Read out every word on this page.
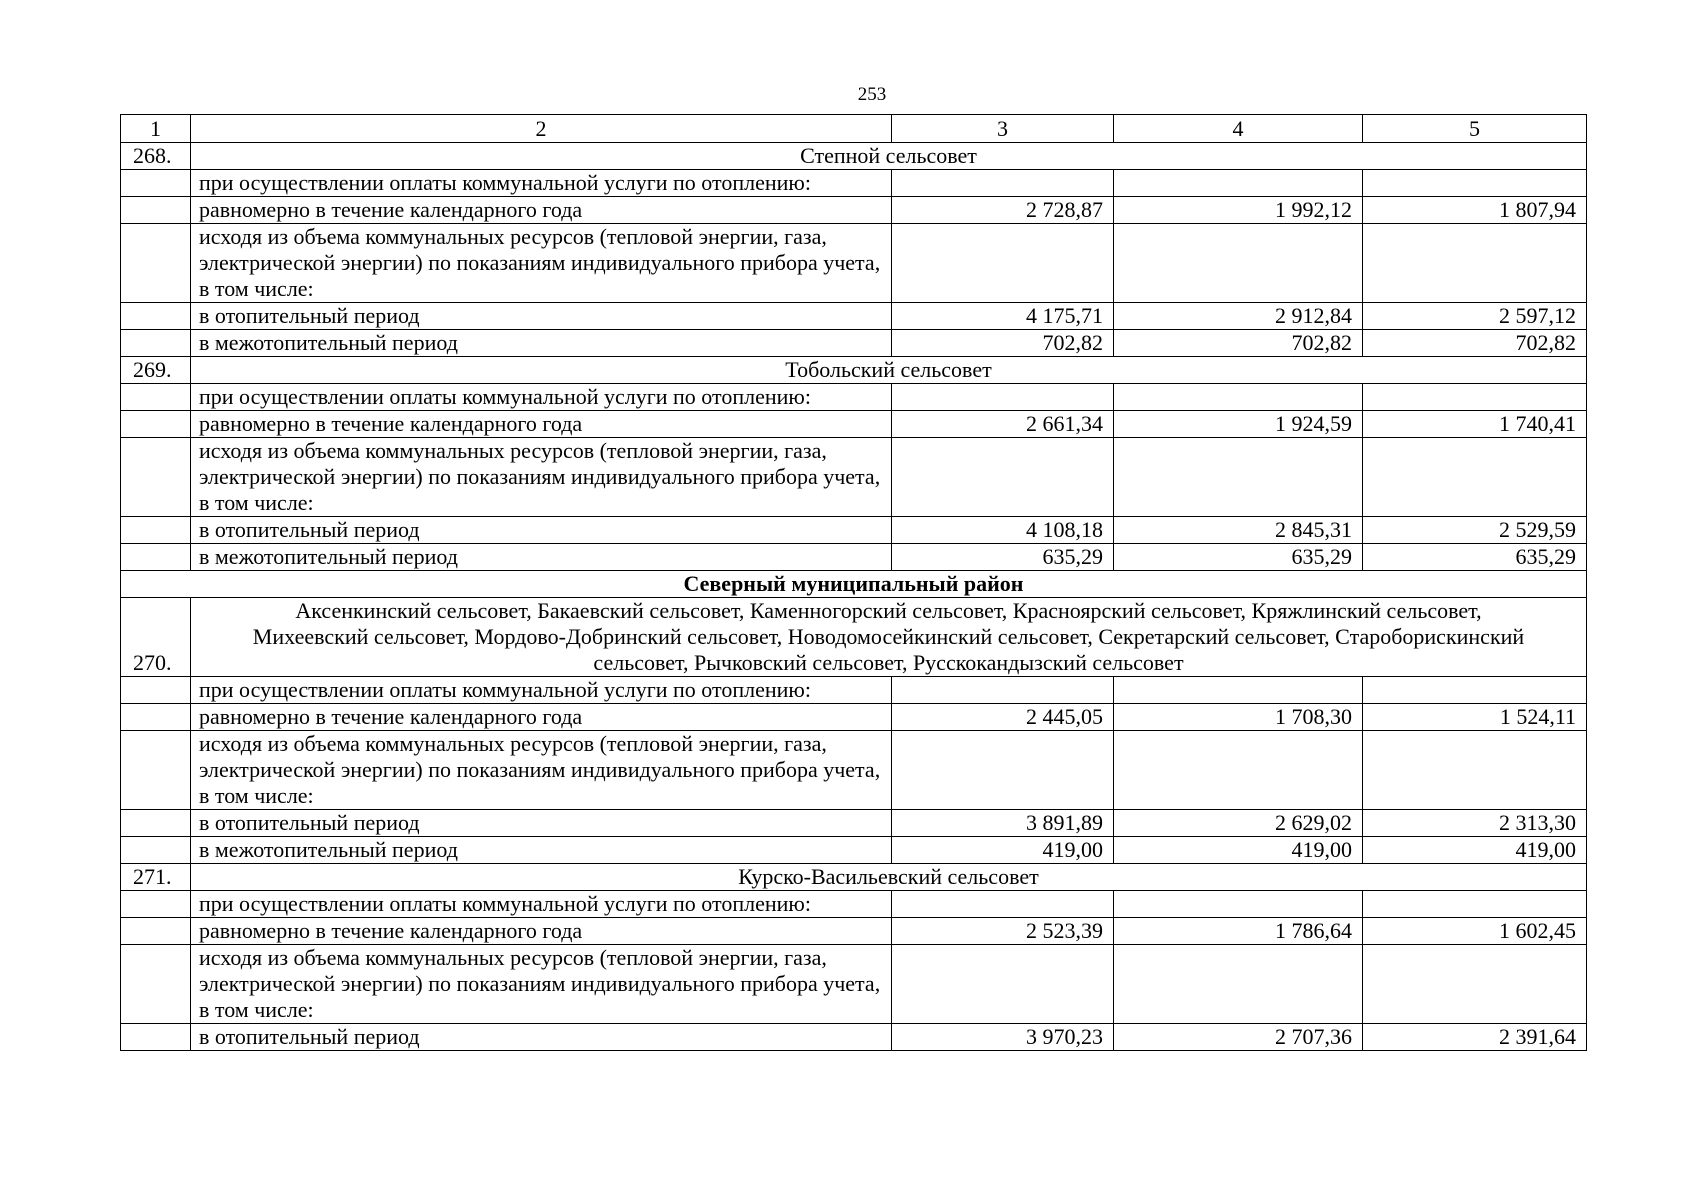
253
1	2	3	4	5
268.	Степной сельсовет			
	при осуществлении оплаты коммунальной услуги по отоплению:			
	равномерно в течение календарного года	2 728,87	1 992,12	1 807,94
	исходя из объема коммунальных ресурсов (тепловой энергии, газа, электрической энергии) по показаниям индивидуального прибора учета, в том числе:			
	в отопительный период	4 175,71	2 912,84	2 597,12
	в межотопительный период	702,82	702,82	702,82
269.	Тобольский сельсовет			
	при осуществлении оплаты коммунальной услуги по отоплению:			
	равномерно в течение календарного года	2 661,34	1 924,59	1 740,41
	исходя из объема коммунальных ресурсов (тепловой энергии, газа, электрической энергии) по показаниям индивидуального прибора учета, в том числе:			
	в отопительный период	4 108,18	2 845,31	2 529,59
	в межотопительный период	635,29	635,29	635,29
Северный муниципальный район				
270.	Аксенкинский сельсовет, Бакаевский сельсовет, Каменногорский сельсовет, Красноярский сельсовет, Кряжлинский сельсовет, Михеевский сельсовет, Мордово-Добринский сельсовет, Новодомосейкинский сельсовет, Секретарский сельсовет, Староборискинский сельсовет, Рычковский сельсовет, Русскокандызский сельсовет			
	при осуществлении оплаты коммунальной услуги по отоплению:			
	равномерно в течение календарного года	2 445,05	1 708,30	1 524,11
	исходя из объема коммунальных ресурсов (тепловой энергии, газа, электрической энергии) по показаниям индивидуального прибора учета, в том числе:			
	в отопительный период	3 891,89	2 629,02	2 313,30
	в межотопительный период	419,00	419,00	419,00
271.	Курско-Васильевский сельсовет			
	при осуществлении оплаты коммунальной услуги по отоплению:			
	равномерно в течение календарного года	2 523,39	1 786,64	1 602,45
	исходя из объема коммунальных ресурсов (тепловой энергии, газа, электрической энергии) по показаниям индивидуального прибора учета, в том числе:			
	в отопительный период	3 970,23	2 707,36	2 391,64
